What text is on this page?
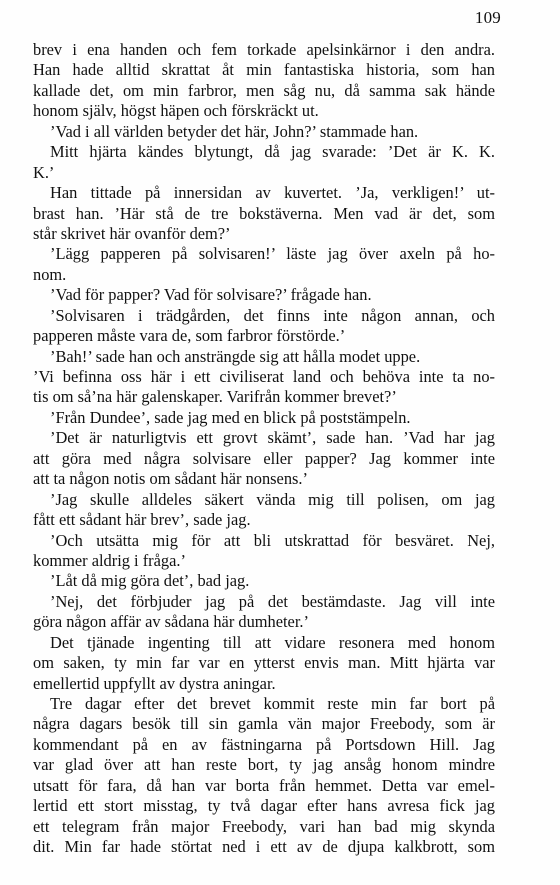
109
brev i ena handen och fem torkade apelsinkärnor i den andra.
Han hade alltid skrattat åt min fantastiska historia, som han
kallade det, om min farbror, men såg nu, då samma sak hände
honom själv, högst häpen och förskräckt ut.
’Vad i all världen betyder det här, John?’ stammade han.
Mitt hjärta kändes blytungt, då jag svarade: ’Det är K. K.
K.’
Han tittade på innersidan av kuvertet. ’Ja, verkligen!’ ut-
brast han. ’Här stå de tre bokstäverna. Men vad är det, som
står skrivet här ovanför dem?’
’Lägg papperen på solvisaren!’ läste jag över axeln på ho-
nom.
’Vad för papper? Vad för solvisare?’ frågade han.
’Solvisaren i trädgården, det finns inte någon annan, och
papperen måste vara de, som farbror förstörde.’
’Bah!’ sade han och ansträngde sig att hålla modet uppe.
’Vi befinna oss här i ett civiliserat land och behöva inte ta no-
tis om så’na här galenskaper. Varifrån kommer brevet?’
’Från Dundee’, sade jag med en blick på poststämpeln.
’Det är naturligtvis ett grovt skämt’, sade han. ’Vad har jag
att göra med några solvisare eller papper? Jag kommer inte
att ta någon notis om sådant här nonsens.’
’Jag skulle alldeles säkert vända mig till polisen, om jag
fått ett sådant här brev’, sade jag.
’Och utsätta mig för att bli utskrattad för besväret. Nej,
kommer aldrig i fråga.’
’Låt då mig göra det’, bad jag.
’Nej, det förbjuder jag på det bestämdaste. Jag vill inte
göra någon affär av sådana här dumheter.’
Det tjänade ingenting till att vidare resonera med honom
om saken, ty min far var en ytterst envis man. Mitt hjärta var
emellertid uppfyllt av dystra aningar.
Tre dagar efter det brevet kommit reste min far bort på
några dagars besök till sin gamla vän major Freebody, som är
kommendant på en av fästningarna på Portsdown Hill. Jag
var glad över att han reste bort, ty jag ansåg honom mindre
utsatt för fara, då han var borta från hemmet. Detta var emel-
lertid ett stort misstag, ty två dagar efter hans avresa fick jag
ett telegram från major Freebody, vari han bad mig skynda
dit. Min far hade störtat ned i ett av de djupa kalkbrott, som
